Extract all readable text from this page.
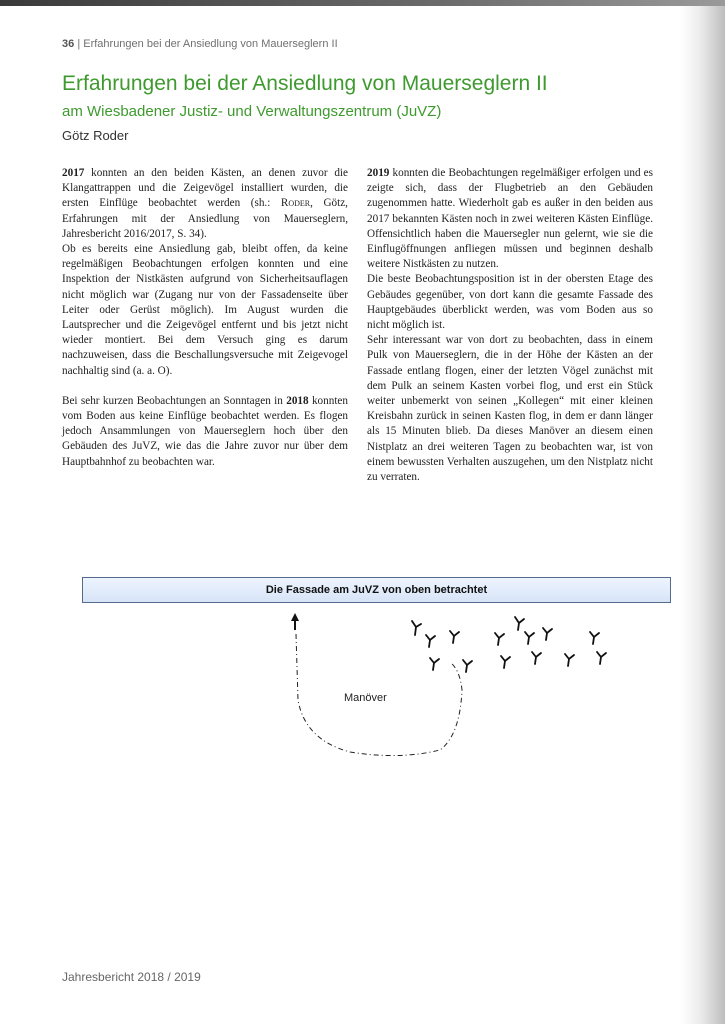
36 | Erfahrungen bei der Ansiedlung von Mauerseglern II
Erfahrungen bei der Ansiedlung von Mauerseglern II
am Wiesbadener Justiz- und Verwaltungszentrum (JuVZ)
Götz Roder

2017 konnten an den beiden Kästen, an denen zuvor die Klangattrappen und die Zeigevögel installiert wurden, die ersten Einflüge beobachtet werden (sh.: Roder, Götz, Erfahrungen mit der Ansiedlung von Mauerseglern, Jahresbericht 2016/2017, S. 34).

Ob es bereits eine Ansiedlung gab, bleibt offen, da keine regelmäßigen Beobachtungen erfolgen konnten und eine Inspektion der Nistkästen aufgrund von Sicherheitsauflagen nicht möglich war (Zugang nur von der Fassadenseite über Leiter oder Gerüst möglich). Im August wurden die Lautsprecher und die Zeigevögel entfernt und bis jetzt nicht wieder montiert. Bei dem Versuch ging es darum nachzuweisen, dass die Beschallungsversuche mit Zeigevogel nachhaltig sind (a. a. O).

Bei sehr kurzen Beobachtungen an Sonntagen in 2018 konnten vom Boden aus keine Einflüge beobachtet werden. Es flogen jedoch Ansammlungen von Mauerseglern hoch über den Gebäuden des JuVZ, wie das die Jahre zuvor nur über dem Hauptbahnhof zu beobachten war.

2019 konnten die Beobachtungen regelmäßiger erfolgen und es zeigte sich, dass der Flugbetrieb an den Gebäuden zugenommen hatte. Wiederholt gab es außer in den beiden aus 2017 bekannten Kästen noch in zwei weiteren Kästen Einflüge. Offensichtlich haben die Mauersegler nun gelernt, wie sie die Einflugöffnungen anfliegen müssen und beginnen deshalb weitere Nistkästen zu nutzen.

Die beste Beobachtungsposition ist in der obersten Etage des Gebäudes gegenüber, von dort kann die gesamte Fassade des Hauptgebäudes überblickt werden, was vom Boden aus so nicht möglich ist.

Sehr interessant war von dort zu beobachten, dass in einem Pulk von Mauerseglern, die in der Höhe der Kästen an der Fassade entlang flogen, einer der letzten Vögel zunächst mit dem Pulk an seinem Kasten vorbei flog, und erst ein Stück weiter unbemerkt von seinen „Kollegen“ mit einer kleinen Kreisbahn zurück in seinen Kasten flog, in dem er dann länger als 15 Minuten blieb. Da dieses Manöver an diesem einen Nistplatz an drei weiteren Tagen zu beobachten war, ist von einem bewussten Verhalten auszugehen, um den Nistplatz nicht zu verraten.

Die Fassade am JuVZ von oben betrachtet
Manöver
Jahresbericht 2018 / 2019
